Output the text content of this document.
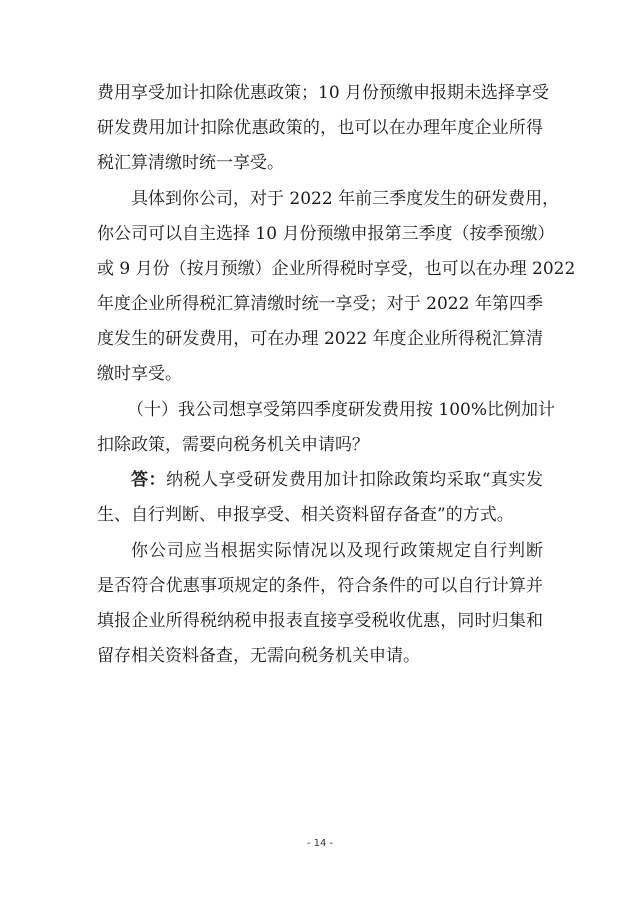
费用享受加计扣除优惠政策；10 月份预缴申报期未选择享受
研发费用加计扣除优惠政策的，也可以在办理年度企业所得
税汇算清缴时统一享受。
具体到你公司，对于 2022 年前三季度发生的研发费用，
你公司可以自主选择 10 月份预缴申报第三季度（按季预缴）
或 9 月份（按月预缴）企业所得税时享受，也可以在办理 2022
年度企业所得税汇算清缴时统一享受；对于 2022 年第四季
度发生的研发费用，可在办理 2022 年度企业所得税汇算清
缴时享受。
（十）我公司想享受第四季度研发费用按 100%比例加计
扣除政策，需要向税务机关申请吗？
答：纳税人享受研发费用加计扣除政策均采取“真实发
生、自行判断、申报享受、相关资料留存备查”的方式。
你公司应当根据实际情况以及现行政策规定自行判断
是否符合优惠事项规定的条件，符合条件的可以自行计算并
填报企业所得税纳税申报表直接享受税收优惠，同时归集和
留存相关资料备查，无需向税务机关申请。
- 14 -
